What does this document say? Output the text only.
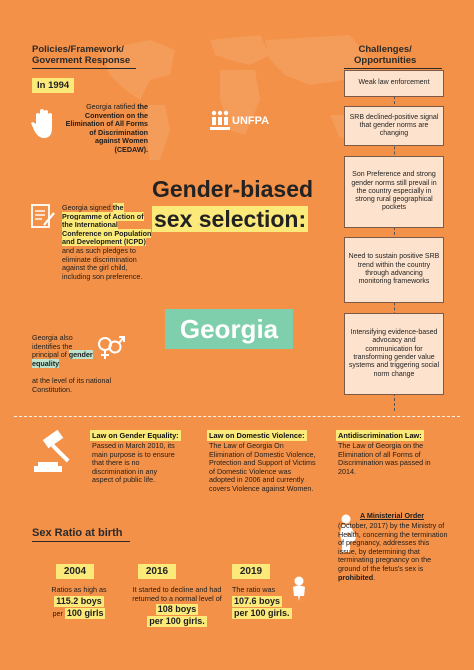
Policies/Framework/
Goverment Response
Challenges/
Opportunities
UNFPA
In 1994
Georgia ratified the Convention on the Elimination of All Forms of Discrimination against Women (CEDAW).
Georgia signed the Programme of Action of the International Conference on Population and Development (ICPD) and as such pledges to eliminate discrimination against the girl child, including son preference.
Georgia also identifies the principal of gender equality
at the level of its national Constitution.
Gender-biased
sex selection:
Georgia
Weak law enforcement
SRB declined-positive signal that gender norms are changing
Son Preference and strong gender norms still prevail in the country especially in strong rural geographical pockets
Need to sustain positive SRB trend within the country through advancing monitoring frameworks
Intensifying evidence-based advocacy and communication for transforming gender value systems and triggering social norm change
Law on Gender Equality:
Passed in March 2010, its main purpose is to ensure that there is no discrimination in any aspect of public life.
Law on Domestic Violence:
The Law of Georgia On Elimination of Domestic Violence, Protection and Support of Victims of Domestic Violence was adopted in 2006 and currently covers Violence against Women.
Antidiscrimination Law:
The Law of Georgia on the Elimination of all Forms of Discrimination was passed in 2014.
Sex Ratio at birth
2004
Ratios as high as
115.2 boys
per 100 girls
2016
It started to decline and had returned to a normal level of
108 boys
per 100 girls.
2019
The ratio was
107.6 boys
per 100 girls.
A Ministerial Order
(October, 2017) by the Ministry of Health, concerning the termination of pregnancy, addresses this issue, by determining that terminating pregnancy on the ground of the fetus's sex is prohibited.
